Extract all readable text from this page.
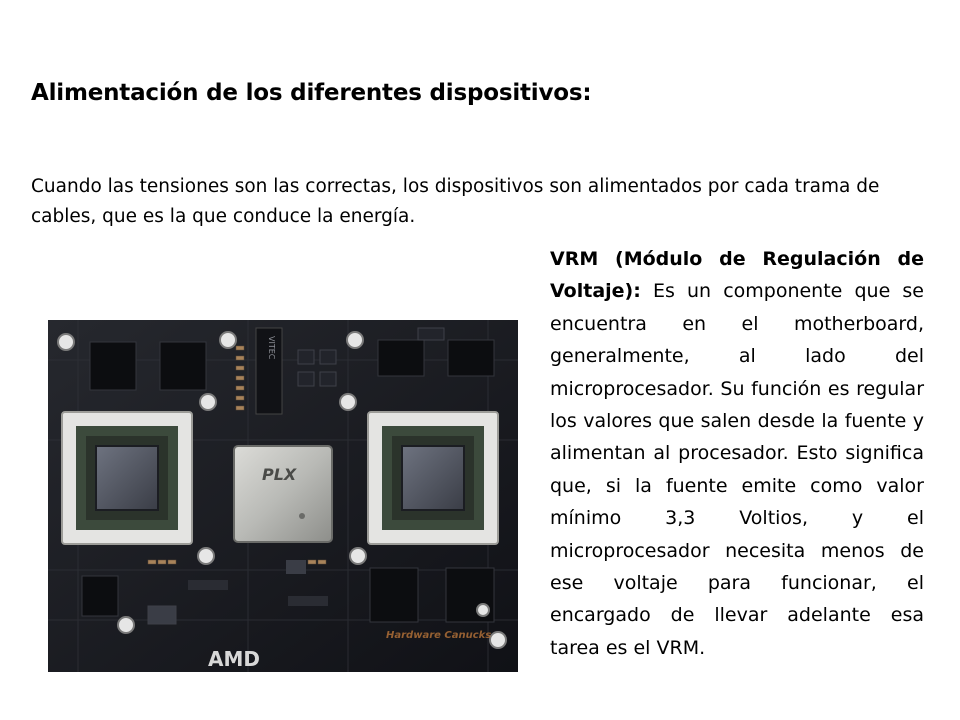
Alimentación de los diferentes dispositivos:

Cuando las tensiones son las correctas, los dispositivos son alimentados por cada trama de cables, que es la que conduce la energía.

VRM (Módulo de Regulación de Voltaje): Es un componente que se encuentra en el motherboard, generalmente, al lado del microprocesador. Su función es regular los valores que salen desde la fuente y alimentan al procesador. Esto significa que, si la fuente emite como valor mínimo 3,3 Voltios, y el microprocesador necesita menos de ese voltaje para funcionar, el encargado de llevar adelante esa tarea es el VRM.

VITEC
PLX
AMD
Hardware Canucks
